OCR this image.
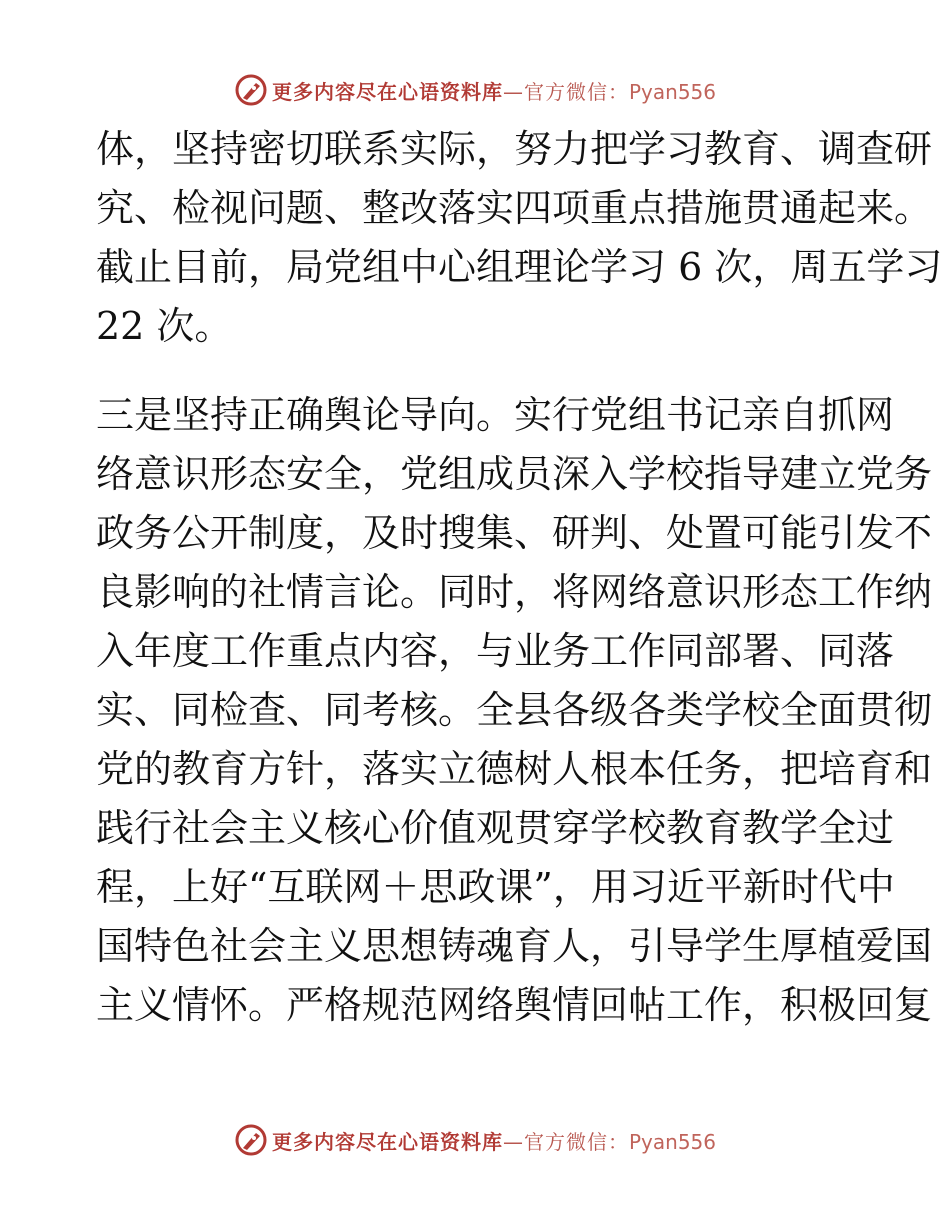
更多内容尽在心语资料库—官方微信：Pyan556
体，坚持密切联系实际，努力把学习教育、调查研
究、检视问题、整改落实四项重点措施贯通起来。
截止目前，局党组中心组理论学习 6 次，周五学习
22 次。
三是坚持正确舆论导向。实行党组书记亲自抓网
络意识形态安全，党组成员深入学校指导建立党务
政务公开制度，及时搜集、研判、处置可能引发不
良影响的社情言论。同时，将网络意识形态工作纳
入年度工作重点内容，与业务工作同部署、同落
实、同检查、同考核。全县各级各类学校全面贯彻
党的教育方针，落实立德树人根本任务，把培育和
践行社会主义核心价值观贯穿学校教育教学全过
程，上好“互联网＋思政课”，用习近平新时代中
国特色社会主义思想铸魂育人，引导学生厚植爱国
主义情怀。严格规范网络舆情回帖工作，积极回复
更多内容尽在心语资料库—官方微信：Pyan556
